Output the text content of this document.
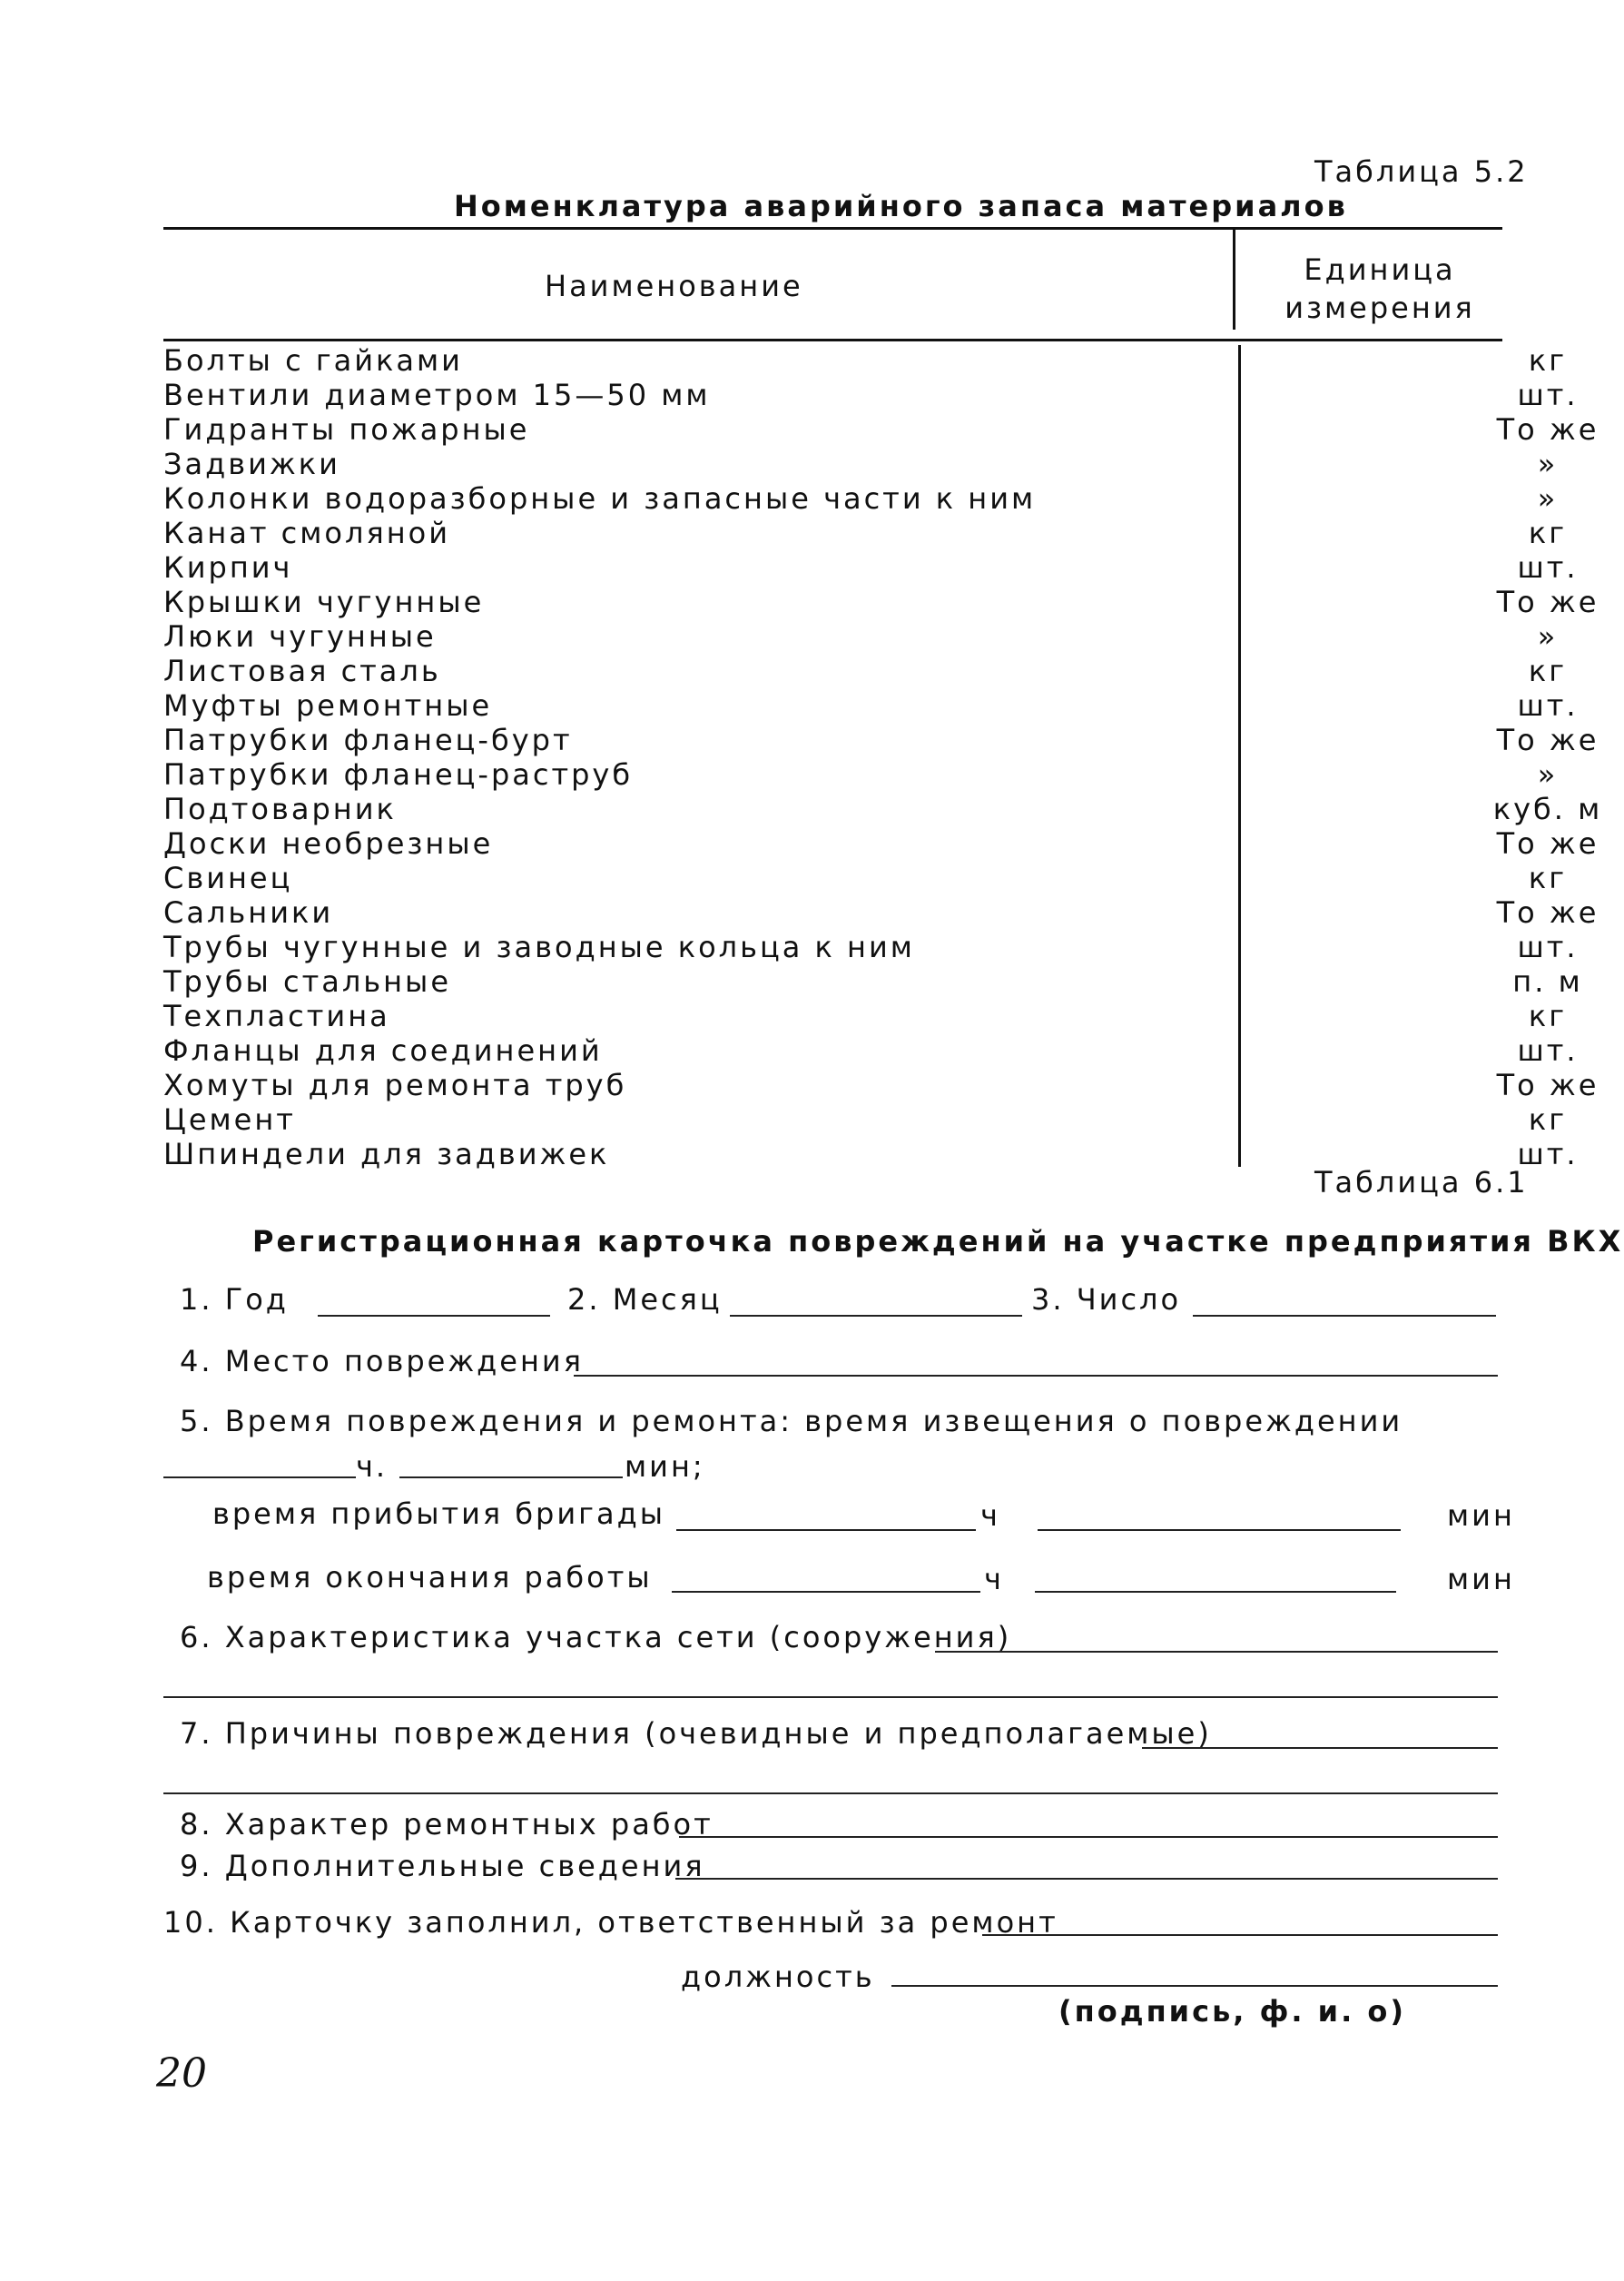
Таблица 5.2
Номенклатура аварийного запаса материалов
Наименование	Единица
измерения
Болты с гайками	кг
Вентили диаметром 15—50 мм	шт.
Гидранты пожарные	То же
Задвижки	»
Колонки водоразборные и запасные части к ним	»
Канат смоляной	кг
Кирпич	шт.
Крышки чугунные	То же
Люки чугунные	»
Листовая сталь	кг
Муфты ремонтные	шт.
Патрубки фланец-бурт	То же
Патрубки фланец-раструб	»
Подтоварник	куб. м
Доски необрезные	То же
Свинец	кг
Сальники	То же
Трубы чугунные и заводные кольца к ним	шт.
Трубы стальные	п. м
Техпластина	кг
Фланцы для соединений	шт.
Хомуты для ремонта труб	То же
Цемент	кг
Шпиндели для задвижек	шт.
Таблица 6.1
Регистрационная карточка повреждений на участке предприятия ВКХ
1. Год	2. Месяц	3. Число
4. Место повреждения
5. Время повреждения и ремонта: время извещения о повреждении
ч.	мин;
время прибытия бригады	ч	мин
время окончания работы	ч	мин
6. Характеристика участка сети (сооружения)
7. Причины повреждения (очевидные и предполагаемые)
8. Характер ремонтных работ
9. Дополнительные сведения
10. Карточку заполнил, ответственный за ремонт
должность
(подпись, ф. и. о)
20
